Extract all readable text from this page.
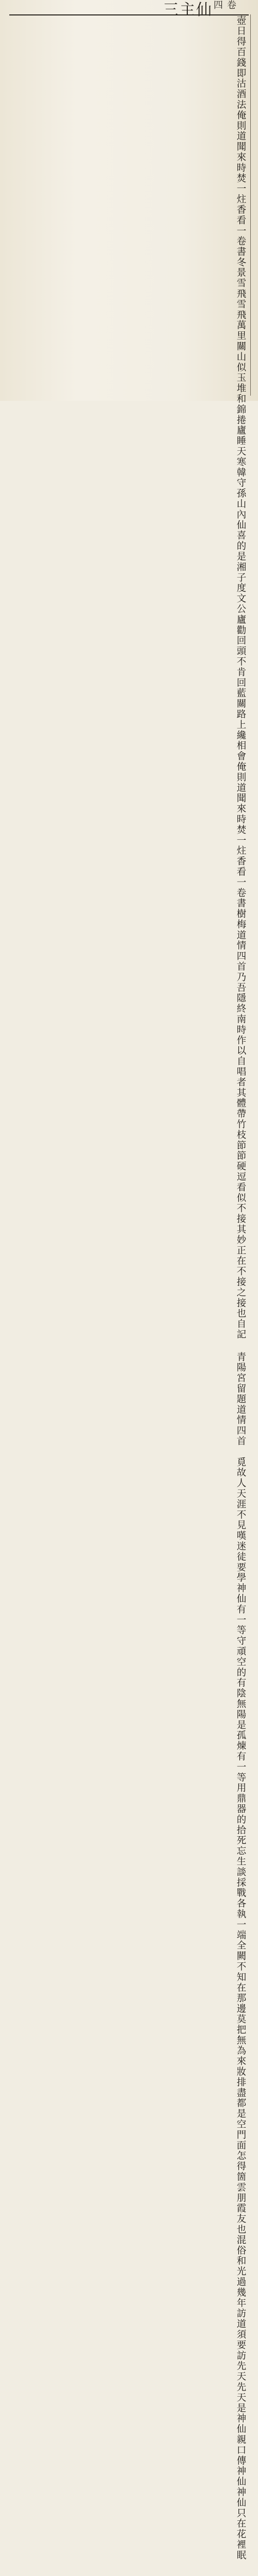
三主仙	卷四
壺日得百錢即沽酒法俺則道聞來時焚一炷香看一卷書
冬景雪飛雪飛萬里關山似玉堆和錦捲廬睡天寒韓守孫山內仙喜的是湘子度文公廬勸回頭不肯
回藍關路上纔相會俺則道聞來時焚一炷香看一卷書樹梅
道情四首乃吾隱終南時作以自唱者其體帶竹枝節節硬逗看似不接其妙正在不接之接也自記
青陽宮留題道情四首
覓故人天涯不見嘆迷徒要學神仙有一等守頑空的有陰無陽是孤煉有一等用鼎器的拾死忘生談
採戰各執一端全闕不知在那邊莫把無為來妝排盡都是空門面怎得箇雲朋霞友也混俗和光過幾
年訪道須要訪先天先天是神仙親口傳神仙神仙只在花裡眠
